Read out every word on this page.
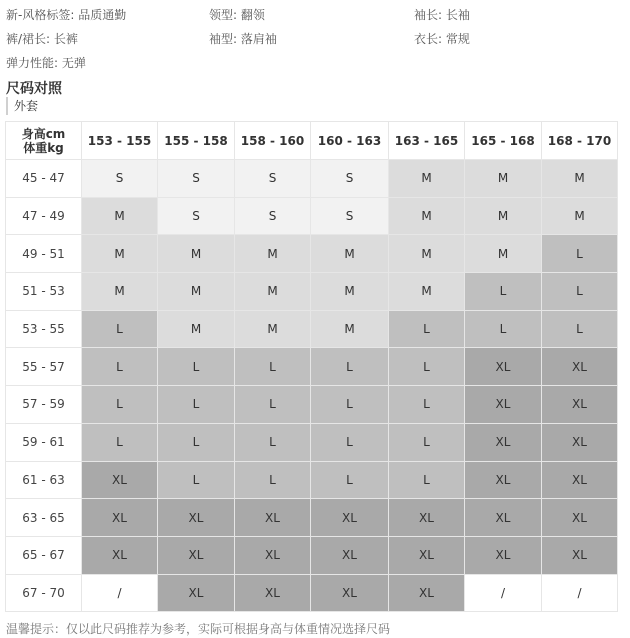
新-风格标签: 品质通勤	领型: 翻领	袖长: 长袖
裤/裙长: 长裤	袖型: 落肩袖	衣长: 常规
弹力性能: 无弹
尺码对照
外套
身高cm
体重kg	153 - 155	155 - 158	158 - 160	160 - 163	163 - 165	165 - 168	168 - 170
45 - 47	S	S	S	S	M	M	M
47 - 49	M	S	S	S	M	M	M
49 - 51	M	M	M	M	M	M	L
51 - 53	M	M	M	M	M	L	L
53 - 55	L	M	M	M	L	L	L
55 - 57	L	L	L	L	L	XL	XL
57 - 59	L	L	L	L	L	XL	XL
59 - 61	L	L	L	L	L	XL	XL
61 - 63	XL	L	L	L	L	XL	XL
63 - 65	XL	XL	XL	XL	XL	XL	XL
65 - 67	XL	XL	XL	XL	XL	XL	XL
67 - 70	/	XL	XL	XL	XL	/	/
温馨提示：仅以此尺码推荐为参考，实际可根据身高与体重情况选择尺码
